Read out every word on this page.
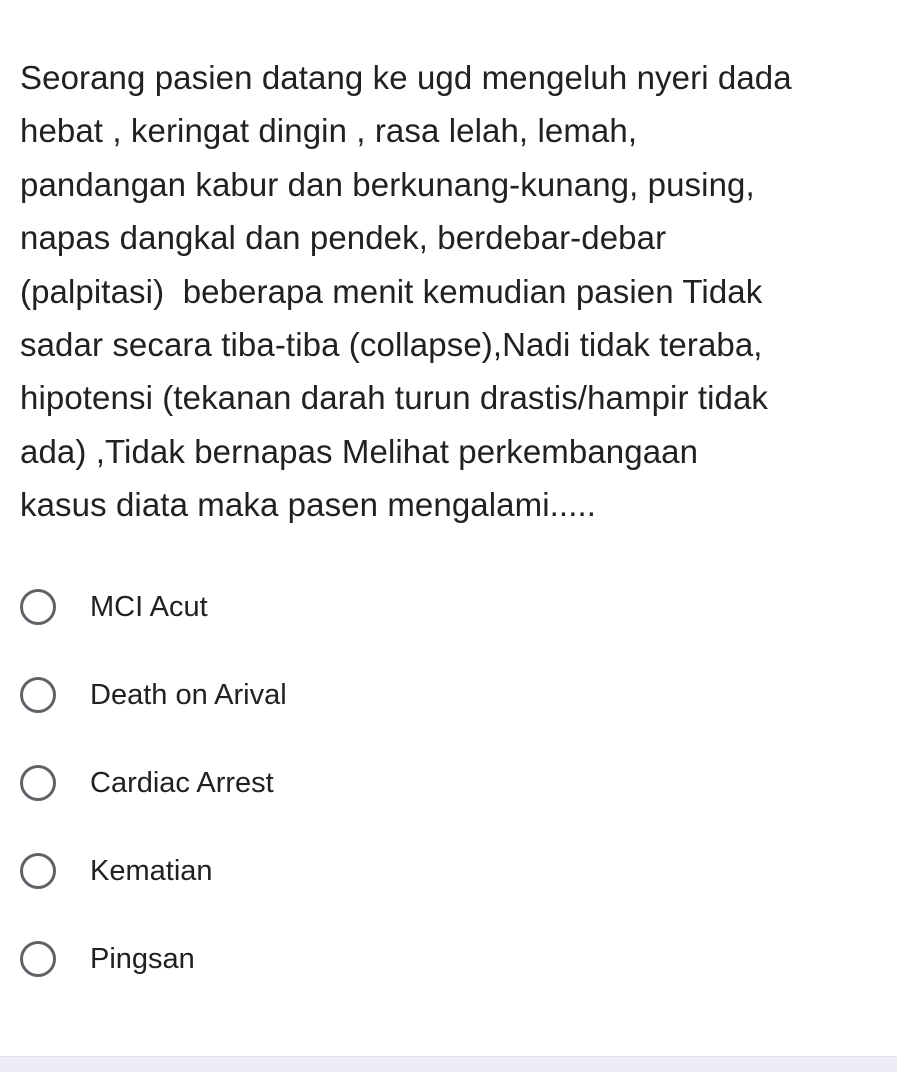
Seorang pasien datang ke ugd mengeluh nyeri dada
hebat , keringat dingin , rasa lelah, lemah,
pandangan kabur dan berkunang-kunang, pusing,
napas dangkal dan pendek, berdebar-debar
(palpitasi)  beberapa menit kemudian pasien Tidak
sadar secara tiba-tiba (collapse),Nadi tidak teraba,
hipotensi (tekanan darah turun drastis/hampir tidak
ada) ,Tidak bernapas Melihat perkembangaan
kasus diata maka pasen mengalami.....

MCI Acut
Death on Arival
Cardiac Arrest
Kematian
Pingsan
